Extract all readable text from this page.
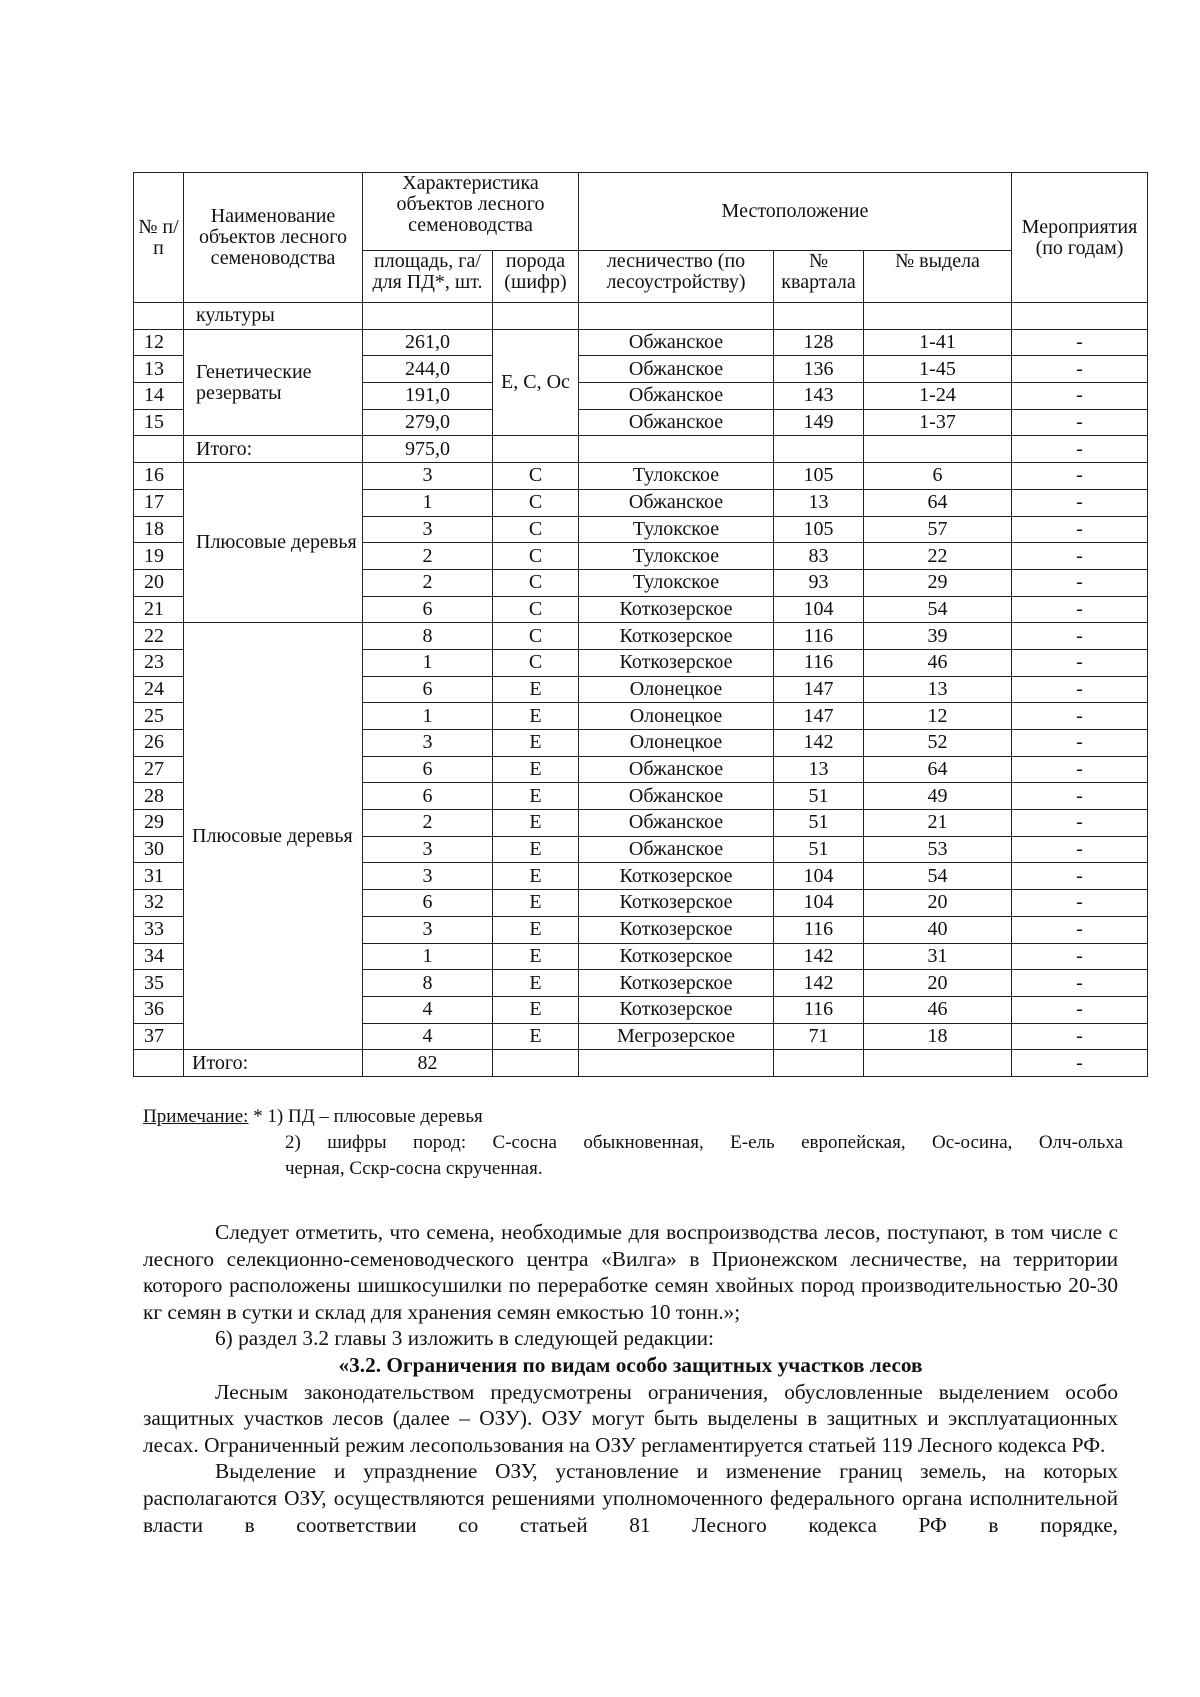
№ п/п	Наименование объектов лесного семеноводства	Характеристика объектов лесного семеноводства		Местоположение			Мероприятия (по годам)
		площадь, га/ для ПД*, шт.	порода (шифр)	лесничество (по лесоустройству)	№ квартала	№ выдела	
	культуры						
12	Генетические резерваты	261,0	Е, С, Ос	Обжанское	128	1-41	-
13		244,0		Обжанское	136	1-45	-
14		191,0		Обжанское	143	1-24	-
15		279,0		Обжанское	149	1-37	-
	Итого:	975,0					-
16	Плюсовые деревья	3	С	Тулокское	105	6	-
17		1	С	Обжанское	13	64	-
18		3	С	Тулокское	105	57	-
19		2	С	Тулокское	83	22	-
20		2	С	Тулокское	93	29	-
21		6	С	Коткозерское	104	54	-
22	Плюсовые деревья	8	С	Коткозерское	116	39	-
23		1	С	Коткозерское	116	46	-
24		6	Е	Олонецкое	147	13	-
25		1	Е	Олонецкое	147	12	-
26		3	Е	Олонецкое	142	52	-
27		6	Е	Обжанское	13	64	-
28		6	Е	Обжанское	51	49	-
29		2	Е	Обжанское	51	21	-
30		3	Е	Обжанское	51	53	-
31		3	Е	Коткозерское	104	54	-
32		6	Е	Коткозерское	104	20	-
33		3	Е	Коткозерское	116	40	-
34		1	Е	Коткозерское	142	31	-
35		8	Е	Коткозерское	142	20	-
36		4	Е	Коткозерское	116	46	-
37		4	Е	Мегрозерское	71	18	-
	Итого:	82					-
Примечание: * 1) ПД – плюсовые деревья
2) шифры пород: С-сосна обыкновенная, Е-ель европейская, Ос-осина, Олч-ольха
черная, Сскр-сосна скрученная.

Следует отметить, что семена, необходимые для воспроизводства лесов, поступают, в том числе с лесного селекционно-семеноводческого центра «Вилга» в Прионежском лесничестве, на территории которого расположены шишкосушилки по переработке семян хвойных пород производительностью 20-30 кг семян в сутки и склад для хранения семян емкостью 10 тонн.»;

6) раздел 3.2 главы 3 изложить в следующей редакции:

«3.2. Ограничения по видам особо защитных участков лесов

Лесным законодательством предусмотрены ограничения, обусловленные выделением особо защитных участков лесов (далее – ОЗУ). ОЗУ могут быть выделены в защитных и эксплуатационных лесах. Ограниченный режим лесопользования на ОЗУ регламентируется статьей 119 Лесного кодекса РФ.

Выделение и упразднение ОЗУ, установление и изменение границ земель, на которых располагаются ОЗУ, осуществляются решениями уполномоченного федерального органа исполнительной власти в соответствии со статьей 81 Лесного кодекса РФ в порядке,
